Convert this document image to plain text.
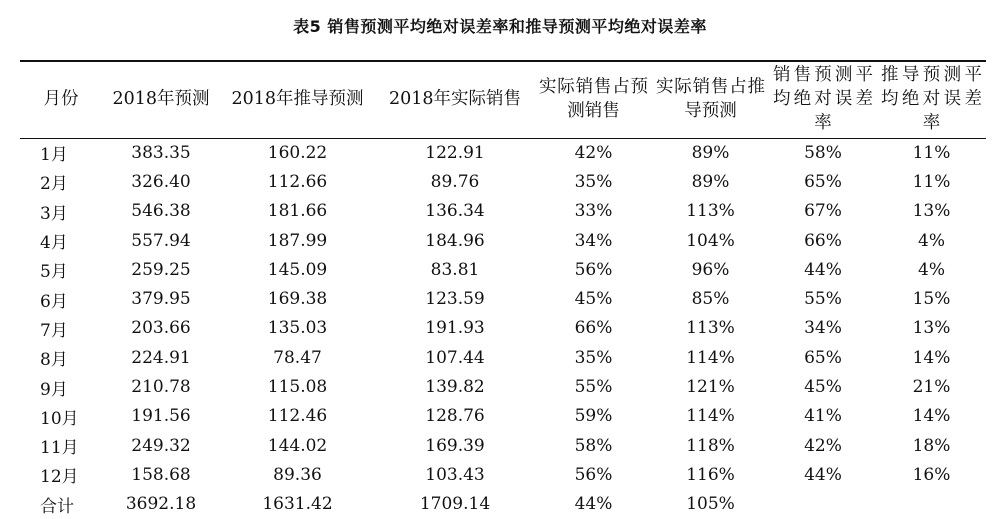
表5 销售预测平均绝对误差率和推导预测平均绝对误差率
月份	2018年预测	2018年推导预测	2018年实际销售	实际销售占预测销售	实际销售占推导预测	销售预测平均绝对误差率	推导预测平均绝对误差率

1月	383.35	160.22	122.91	42%	89%	58%	11%
2月	326.40	112.66	89.76	35%	89%	65%	11%
3月	546.38	181.66	136.34	33%	113%	67%	13%
4月	557.94	187.99	184.96	34%	104%	66%	4%
5月	259.25	145.09	83.81	56%	96%	44%	4%
6月	379.95	169.38	123.59	45%	85%	55%	15%
7月	203.66	135.03	191.93	66%	113%	34%	13%
8月	224.91	78.47	107.44	35%	114%	65%	14%
9月	210.78	115.08	139.82	55%	121%	45%	21%
10月	191.56	112.46	128.76	59%	114%	41%	14%
11月	249.32	144.02	169.39	58%	118%	42%	18%
12月	158.68	89.36	103.43	56%	116%	44%	16%
合计	3692.18	1631.42	1709.14	44%	105%		
